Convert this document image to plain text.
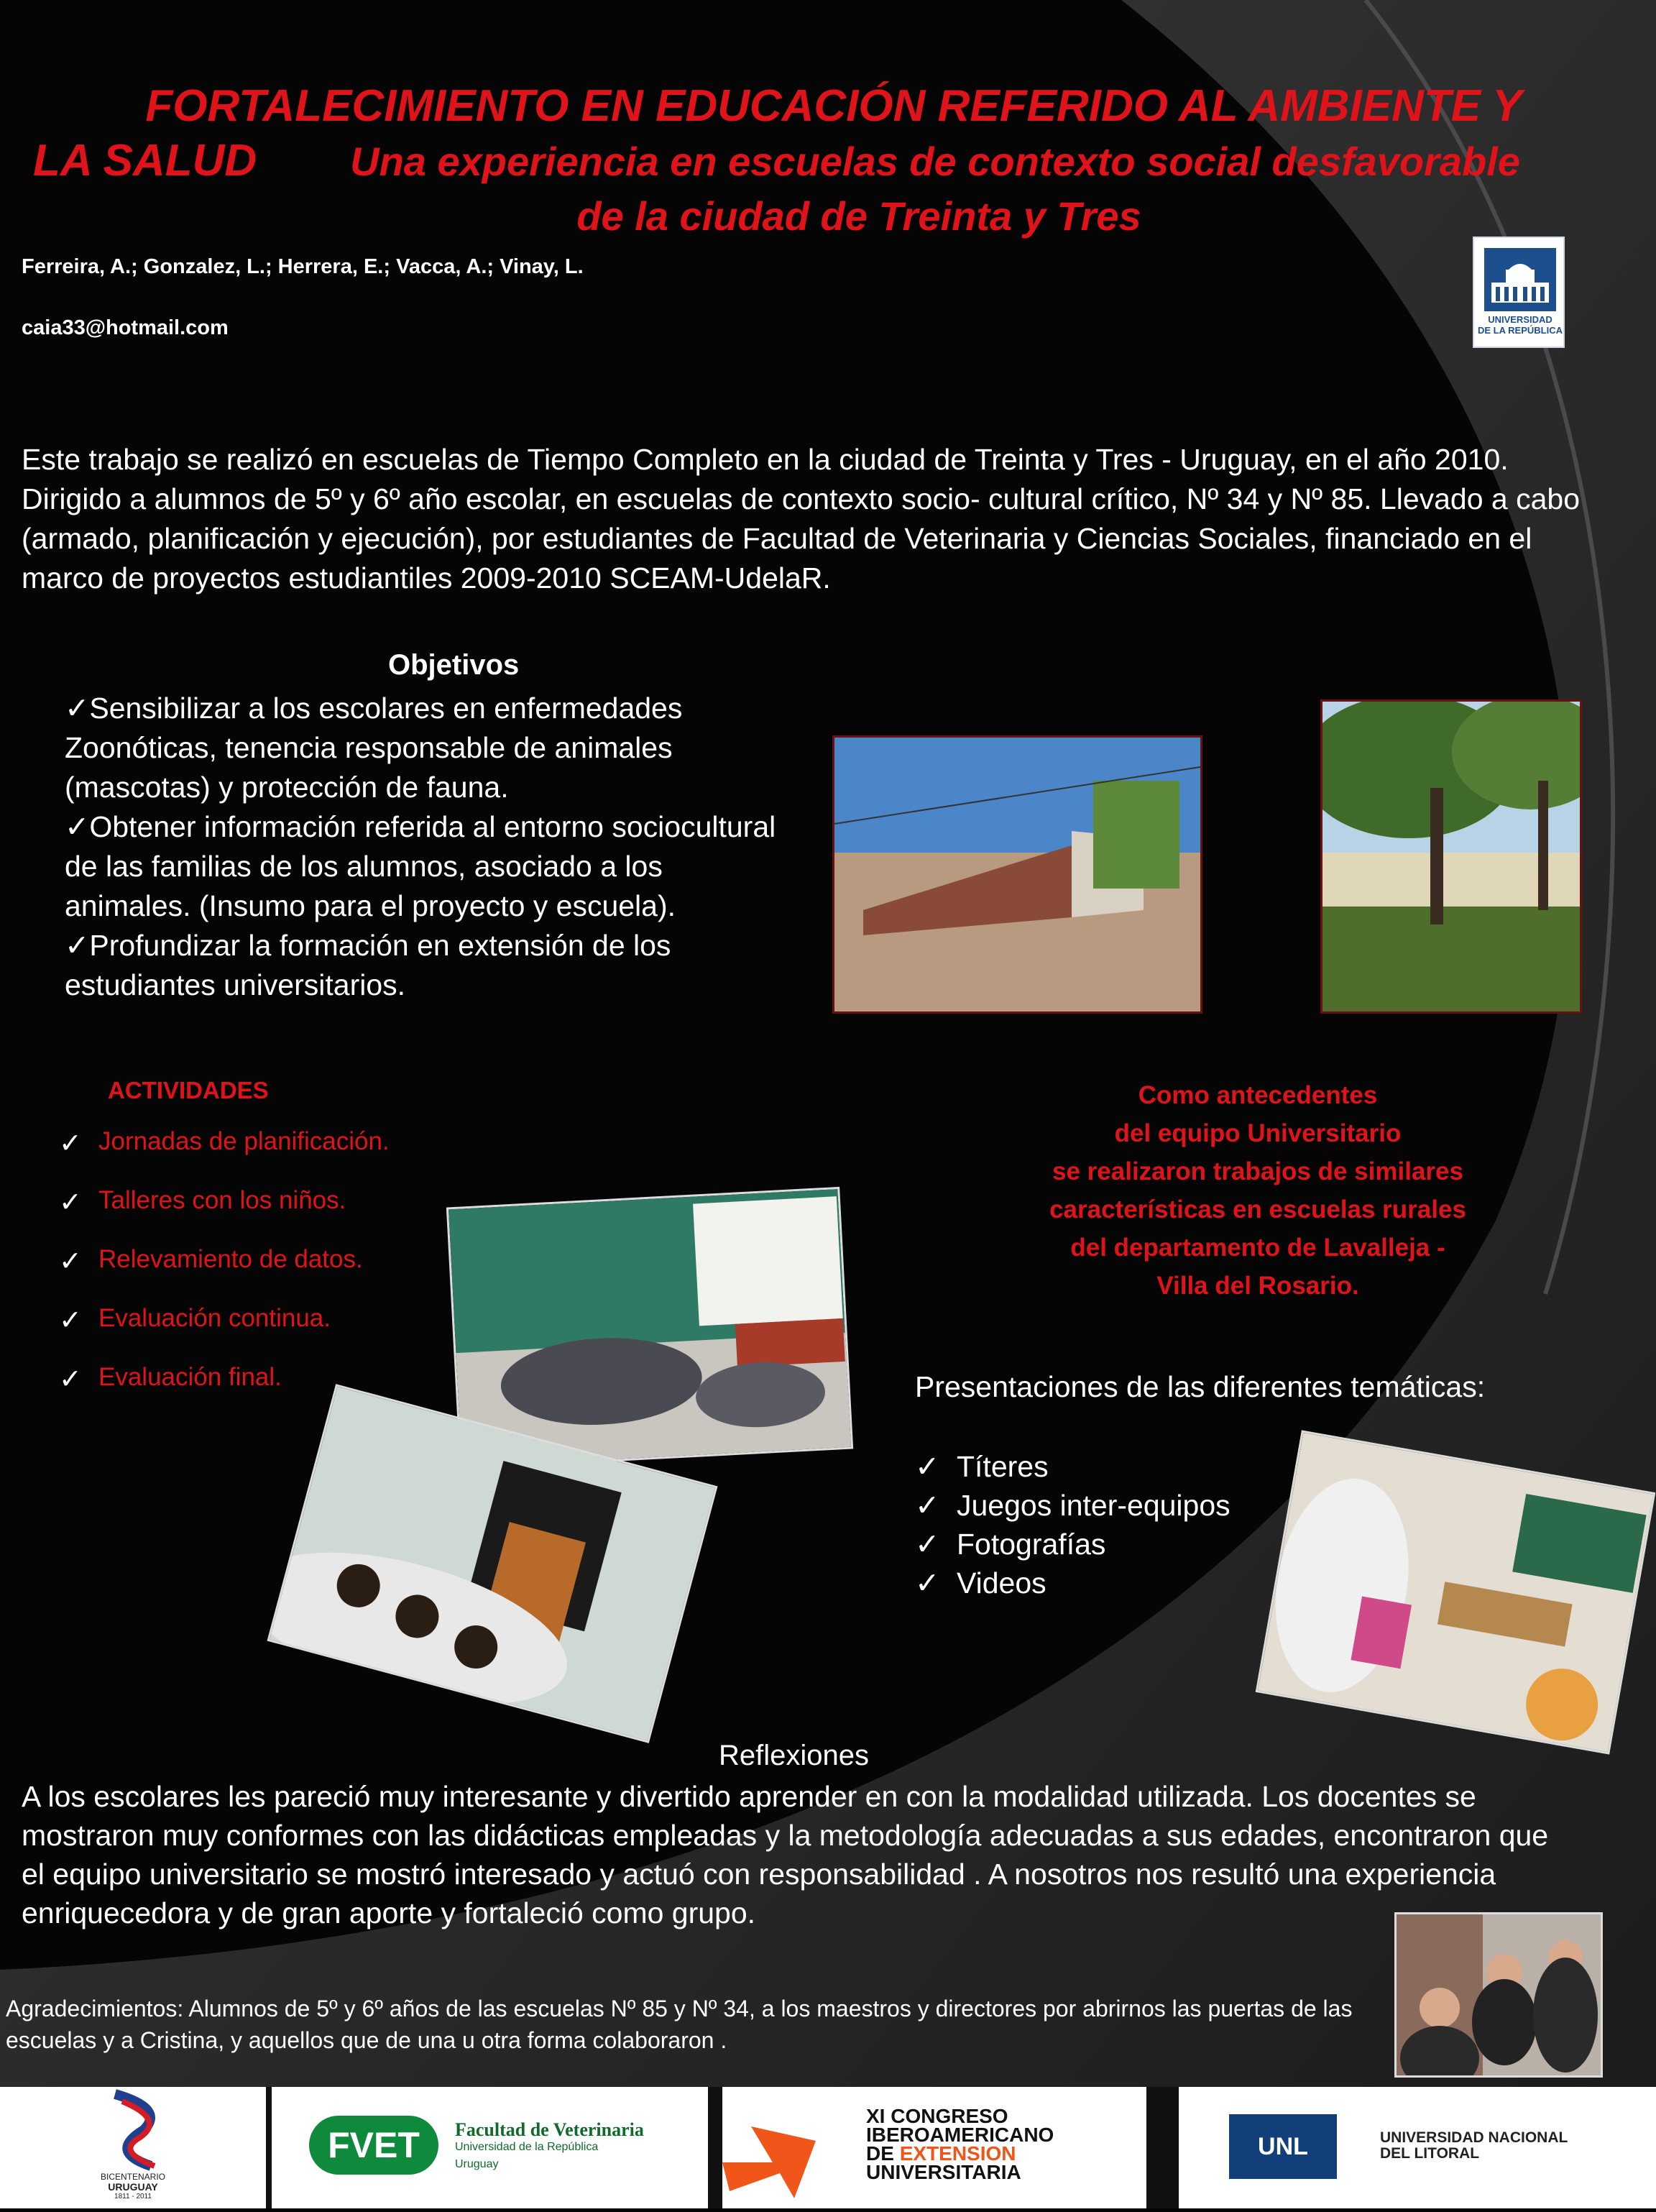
FORTALECIMIENTO EN EDUCACIÓN REFERIDO AL AMBIENTE Y
LA SALUD Una experiencia en escuelas de contexto social desfavorable
de la ciudad de Treinta y Tres
Ferreira, A.; Gonzalez, L.; Herrera, E.; Vacca, A.; Vinay, L.
caia33@hotmail.com	UNIVERSIDAD
DE LA REPÚBLICA
Este trabajo se realizó en escuelas de Tiempo Completo en la ciudad de Treinta y Tres - Uruguay, en el año 2010. Dirigido a alumnos de 5º y 6º año escolar, en escuelas de contexto socio- cultural crítico, Nº 34 y Nº 85. Llevado a cabo (armado, planificación y ejecución), por estudiantes de Facultad de Veterinaria y Ciencias Sociales, financiado en el marco de proyectos estudiantiles 2009-2010 SCEAM-UdelaR.
Objetivos
✓Sensibilizar a los escolares en enfermedades Zoonóticas, tenencia responsable de animales (mascotas) y protección de fauna.
✓Obtener información referida al entorno sociocultural de las familias de los alumnos, asociado a los animales. (Insumo para el proyecto y escuela).
✓Profundizar la formación en extensión de los estudiantes universitarios.
ACTIVIDADES
✓ Jornadas de planificación.
✓ Talleres con los niños.
✓ Relevamiento de datos.
✓ Evaluación continua.
✓ Evaluación final.
Como antecedentes
del equipo Universitario
se realizaron trabajos de similares
características en escuelas rurales
del departamento de Lavalleja -
Villa del Rosario.
Presentaciones de las diferentes temáticas:
✓ Títeres
✓ Juegos inter-equipos
✓ Fotografías
✓ Videos
Reflexiones
A los escolares les pareció muy interesante y divertido aprender en con la modalidad utilizada. Los docentes se mostraron muy conformes con las didácticas empleadas y la metodología adecuadas a sus edades, encontraron que el equipo universitario se mostró interesado y actuó con responsabilidad . A nosotros nos resultó una experiencia enriquecedora y de gran aporte y fortaleció como grupo.
Agradecimientos: Alumnos de 5º y 6º años de las escuelas Nº 85 y Nº 34, a los maestros y directores por abrirnos las puertas de las escuelas y a Cristina, y aquellos que de una u otra forma colaboraron .
BICENTENARIO
URUGUAY
1811 - 2011
FVET	Facultad de Veterinaria
Universidad de la República
Uruguay
XI CONGRESO
IBEROAMERICANO
DE EXTENSION
UNIVERSITARIA
UNL	UNIVERSIDAD NACIONAL
DEL LITORAL
